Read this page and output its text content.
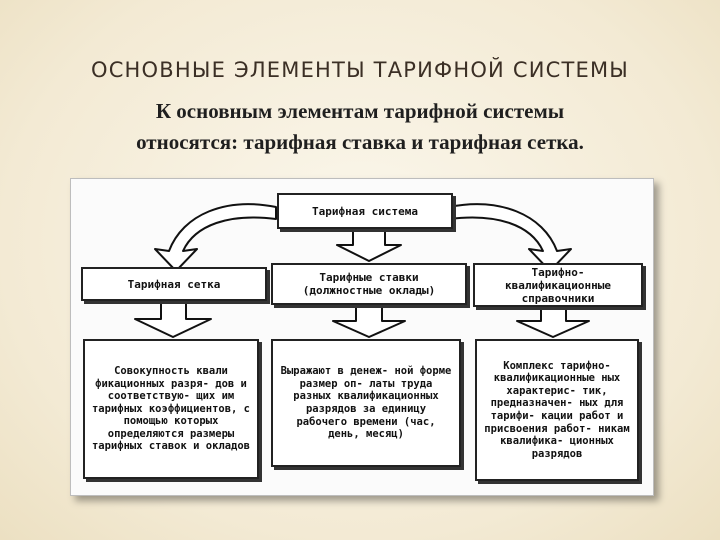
ОСНОВНЫЕ ЭЛЕМЕНТЫ ТАРИФНОЙ СИСТЕМЫ
К основным элементам тарифной системы
относятся: тарифная ставка и тарифная сетка.
Тарифная система
Тарифная сетка	Тарифные ставки (должностные оклады)
Тарифно- квалификационные справочники
Совокупность квали фикационных разря- дов и соответствую- щих им тарифных коэффициентов, с помощью которых определяются размеры тарифных ставок и окладов
Выражают в денеж- ной форме размер оп- латы труда разных квалификационных разрядов за единицу рабочего времени (час, день, месяц)
Комплекс тарифно- квалификационные ных характерис- тик, предназначен- ных для тарифи- кации работ и присвоения работ- никам квалифика- ционных разрядов
